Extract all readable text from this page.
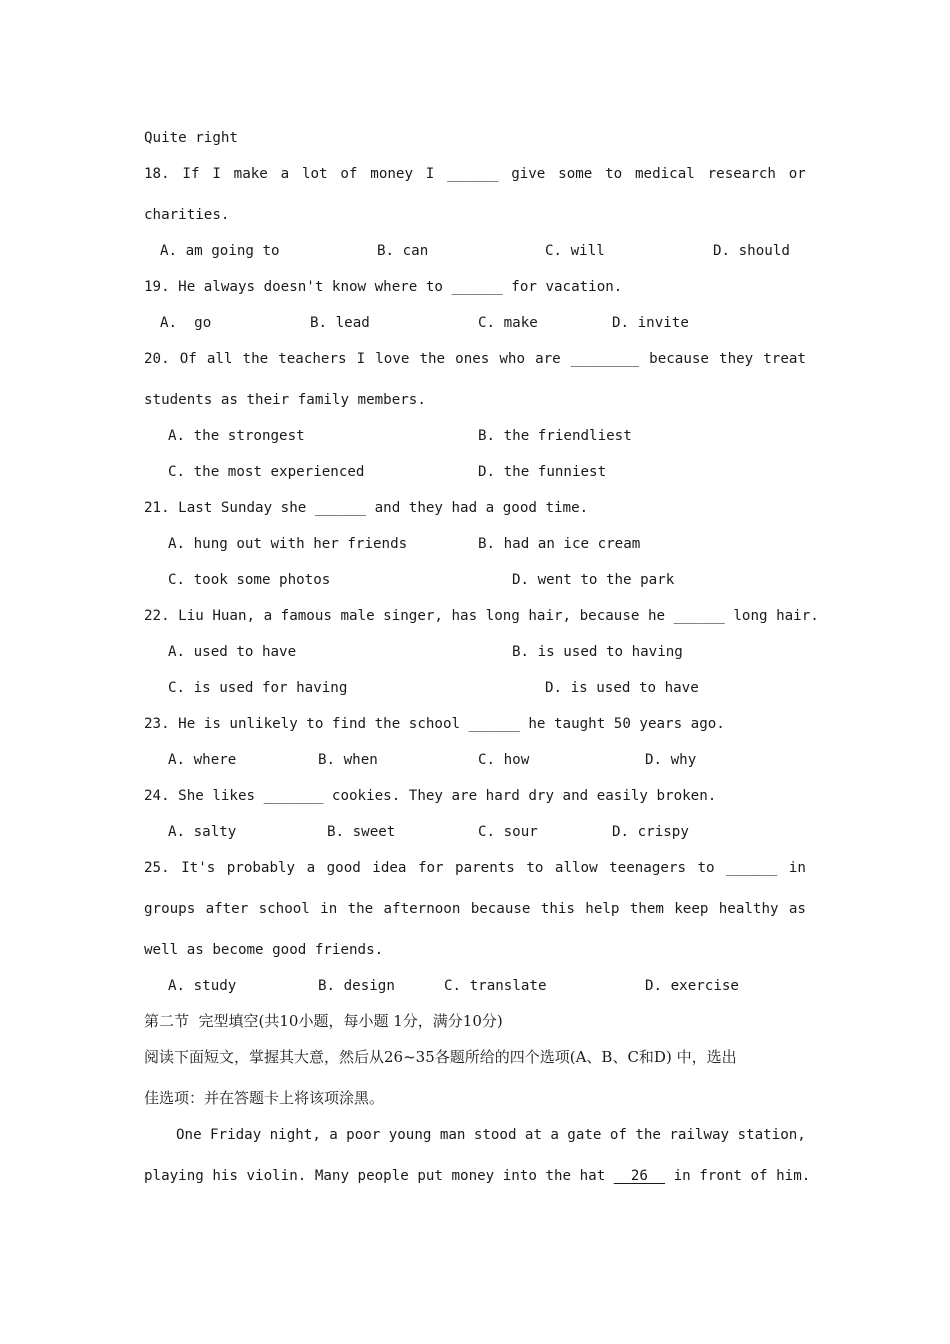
Quite right
18. If I make a lot of money I ______ give some to medical research or
charities.
A. am going to	B. can	C. will	D. should
19. He always doesn't know where to ______ for vacation.
A.  go	B. lead	C. make	D. invite
20. Of all the teachers I love the ones who are ________ because they treat
students as their family members.
A. the strongest	B. the friendliest
C. the most experienced	D. the funniest
21. Last Sunday she ______ and they had a good time.
A. hung out with her friends	B. had an ice cream
C. took some photos	D. went to the park
22. Liu Huan, a famous male singer, has long hair, because he ______ long hair.
A. used to have	B. is used to having
C. is used for having	D. is used to have
23. He is unlikely to find the school ______ he taught 50 years ago.
A. where	B. when	C. how	D. why
24. She likes _______ cookies. They are hard dry and easily broken.
A. salty	B. sweet	C. sour	D. crispy
25. It's probably a good idea for parents to allow teenagers to ______ in
groups after school in the afternoon because this help them keep healthy as
well as become good friends.
A. study	B. design	C. translate	D. exercise
第二节  完型填空(共10小题，每小题 1分，满分10分)
阅读下面短文，掌握其大意，然后从26~35各题所给的四个选项(A、B、C和D) 中，选出
佳选项：并在答题卡上将该项涂黑。
One Friday night, a poor young man stood at a gate of the railway station,
playing his violin. Many people put money into the hat   26   in front of him.
